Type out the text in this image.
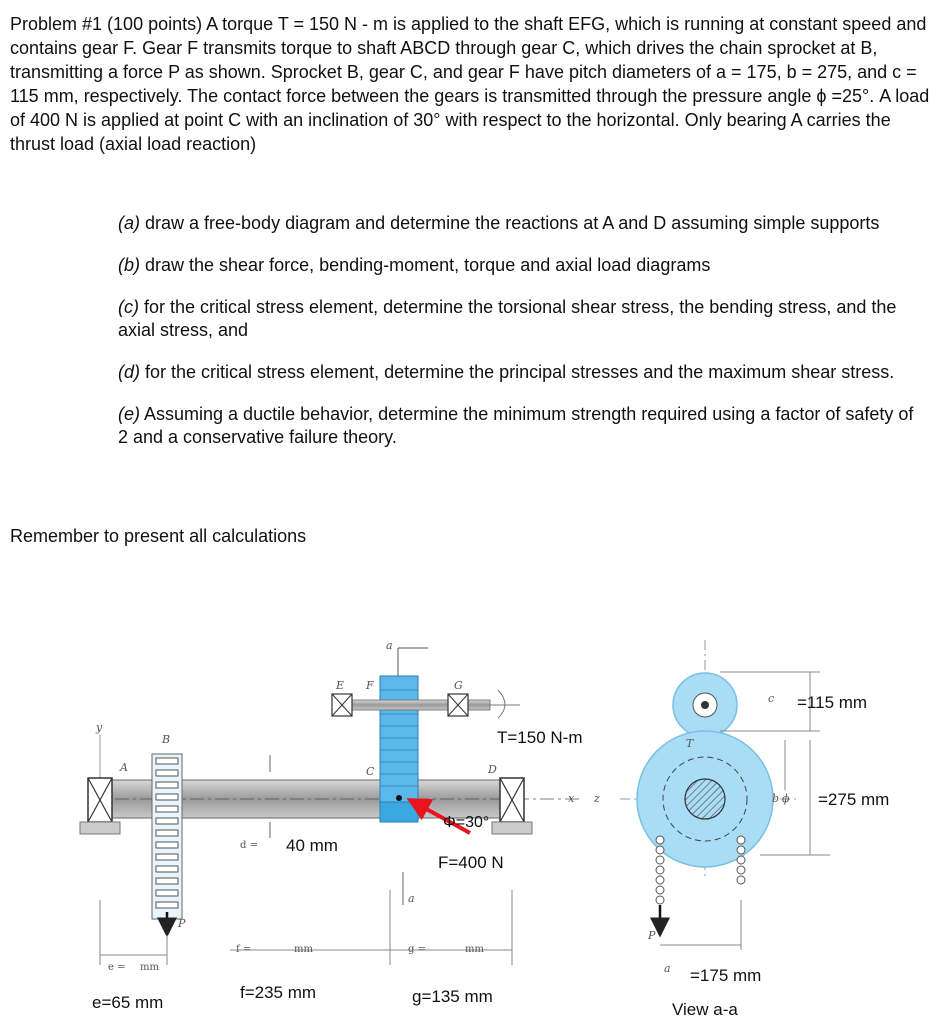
Problem #1 (100 points) A torque T = 150 N - m is applied to the shaft EFG, which is running at constant speed and contains gear F. Gear F transmits torque to shaft ABCD through gear C, which drives the chain sprocket at B, transmitting a force P as shown. Sprocket B, gear C, and gear F have pitch diameters of a = 175, b = 275, and c = 115 mm, respectively. The contact force between the gears is transmitted through the pressure angle ϕ =25°. A load of 400 N is applied at point C with an inclination of 30° with respect to the horizontal. Only bearing A carries the thrust load (axial load reaction)
(a) draw a free-body diagram and determine the reactions at A and D assuming simple supports
(b) draw the shear force, bending-moment, torque and axial load diagrams
(c) for the critical stress element, determine the torsional shear stress, the bending stress, and the axial stress, and
(d) for the critical stress element, determine the principal stresses and the maximum shear stress.
(e) Assuming a ductile behavior, determine the minimum strength required using a factor of safety of 2 and a conservative failure theory.
Remember to present all calculations
y
A
B
C	D
E F	G
a
P
x z
a
T=150 N-m
Φ=30°
F=400 N
d = 40 mm
e = mm
f =	mm	g =	mm
e=65 mm
f=235 mm	g=135 mm
T
ϕ
c
b
a
P
=115 mm
=275 mm
=175 mm
View a-a
